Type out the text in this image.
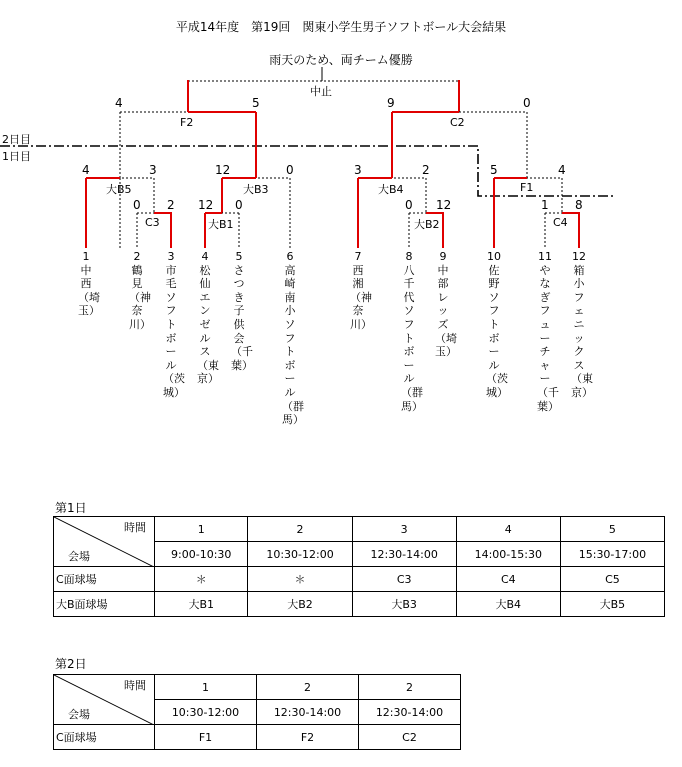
平成14年度　第19回　関東小学生男子ソフトボール大会結果
雨天のため、両チーム優勝
中止
2日目
1日目
F2	C2
F1
大B5	大B3	大B4
C3	大B1	大B2	C4
4	5	9	0
4	3	12	0	3	2	5	4
0 2 12 0	0 12	1 8
1
中西（埼玉）
2
鶴見（神奈川）
3
市毛ソフトボール（茨城）
4
松仙エンゼルス（東京）
5
さつき子供会（千葉）
6
高崎南小ソフトボール（群馬）
7
西湘（神奈川）
8
八千代ソフトボール（群馬）
9
中部レッズ（埼玉）
10
佐野ソフトボール（茨城）
11
やなぎフューチャー（千葉）
12
箱小フェニックス（東京）
第1日
時間
会場	1	2	3	4	5
	9:00-10:30	10:30-12:00	12:30-14:00	14:00-15:30	15:30-17:00
C面球場	＊	＊	C3	C4	C5
大B面球場	大B1	大B2	大B3	大B4	大B5
第2日
時間
会場	1	2	2
	10:30-12:00	12:30-14:00	12:30-14:00
C面球場	F1	F2	C2
